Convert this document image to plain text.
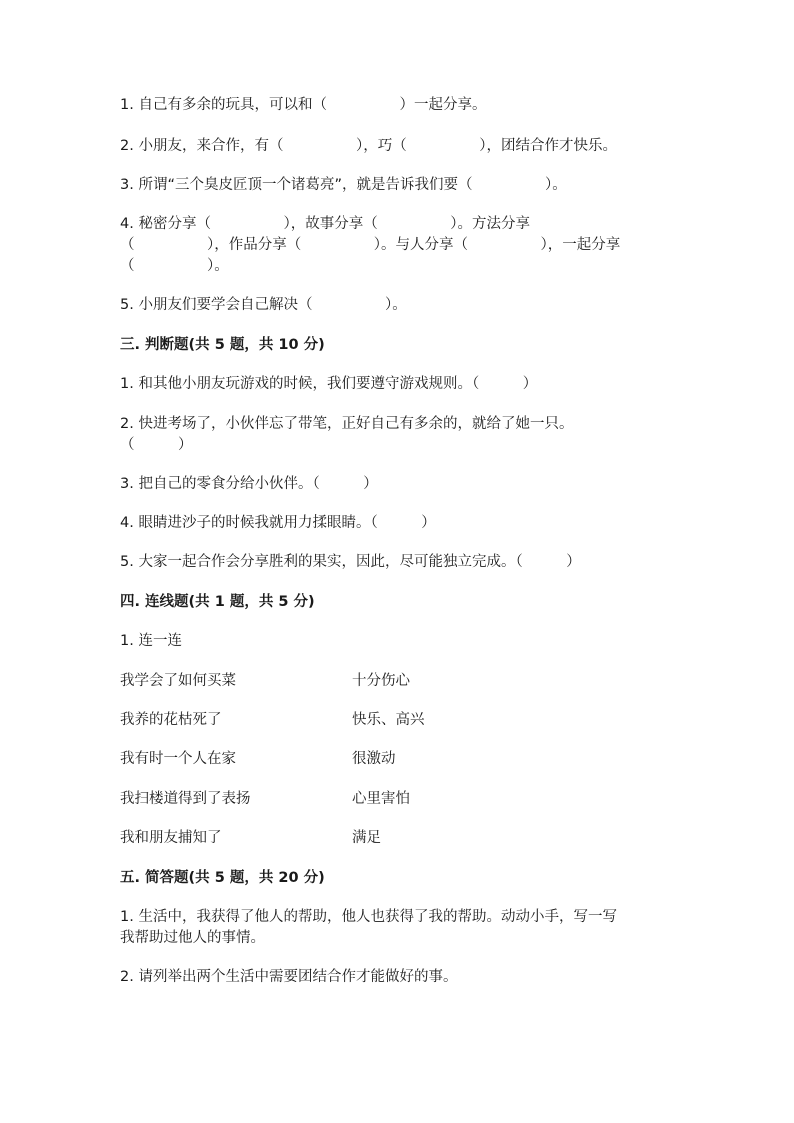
1. 自己有多余的玩具，可以和（　　　　　）一起分享。
2. 小朋友，来合作，有（　　　　　），巧（　　　　　），团结合作才快乐。
3. 所谓“三个臭皮匠顶一个诸葛亮”，就是告诉我们要（　　　　　）。
4. 秘密分享（　　　　　），故事分享（　　　　　）。方法分享
（　　　　　），作品分享（　　　　　）。与人分享（　　　　　），一起分享
（　　　　　）。
5. 小朋友们要学会自己解决（　　　　　）。
三. 判断题(共 5 题，共 10 分)
1. 和其他小朋友玩游戏的时候，我们要遵守游戏规则。（　　　）
2. 快进考场了，小伙伴忘了带笔，正好自己有多余的，就给了她一只。
（　　　）
3. 把自己的零食分给小伙伴。（　　　）
4. 眼睛进沙子的时候我就用力揉眼睛。（　　　）
5. 大家一起合作会分享胜利的果实，因此，尽可能独立完成。（　　　）
四. 连线题(共 1 题，共 5 分)
1. 连一连
我学会了如何买菜	十分伤心
我养的花枯死了	快乐、高兴
我有时一个人在家	很激动
我扫楼道得到了表扬	心里害怕
我和朋友捕知了	满足
五. 简答题(共 5 题，共 20 分)
1. 生活中，我获得了他人的帮助，他人也获得了我的帮助。动动小手，写一写
我帮助过他人的事情。
2. 请列举出两个生活中需要团结合作才能做好的事。
